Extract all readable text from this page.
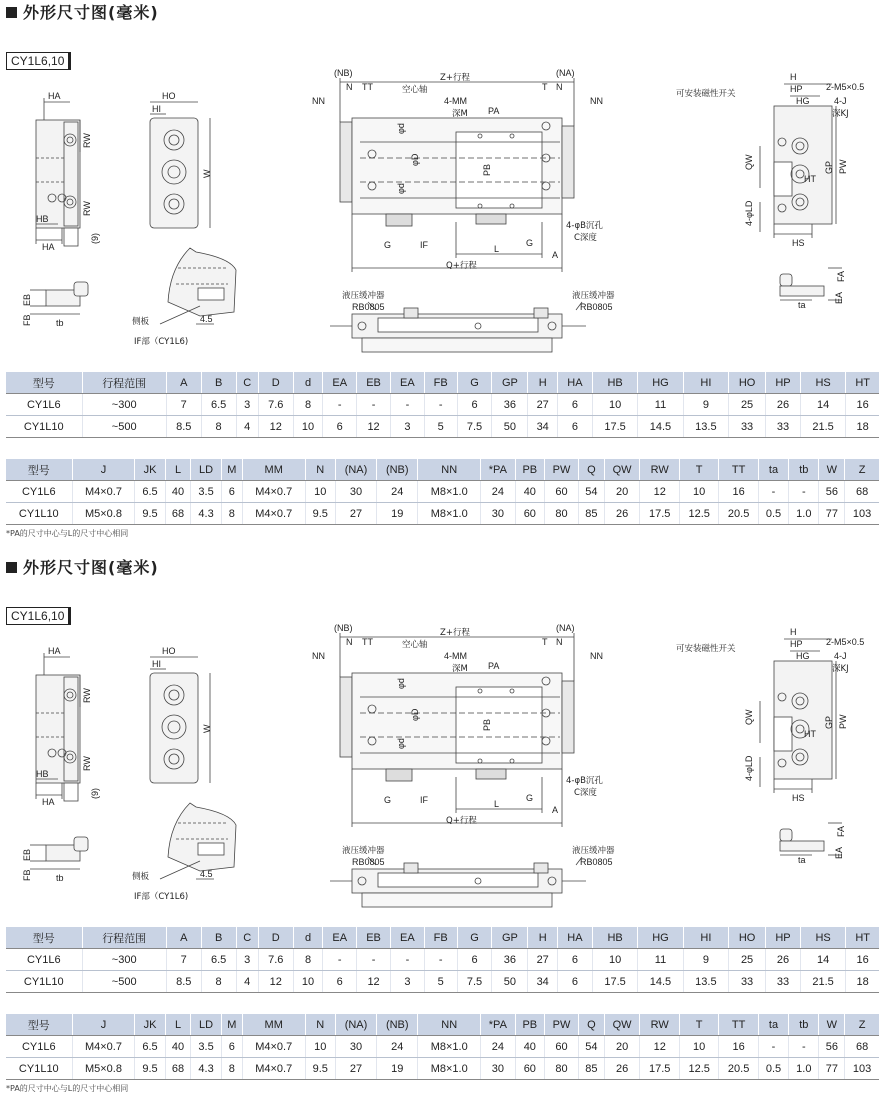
外形尺寸图(毫米)
CY1L6,10
HA
RW
RW
HB
HA
(9)
HO
HI
W
侧板	4.5
IF部（CY1L6)
EB
FB	tb
(NB)
N TT
NN
Z+行程	(NA)
T N
NN
空心轴
4-MM
深M PA
φd
φD
φd
PB
4-φB沉孔
C深度
G	IF	L
G
A
Q+行程
液压缓冲器
RB0805
液压缓冲器
RB0805
可安装磁性开关
H
HP
HG
2-M5×0.5
4-J
深KJ
QW
HT
GP PW
4-φLD
HS
FA
EA
ta
型号	行程范围	A	B	C	D	d	EA	EB	EA	FB	G	GP	H	HA	HB	HG	HI	HO	HP	HS	HT
CY1L6	~300	7	6.5	3	7.6	8	-	-	-	-	6	36	27	6	10	11	9	25	26	14	16
CY1L10	~500	8.5	8	4	12	10	6	12	3	5	7.5	50	34	6	17.5	14.5	13.5	33	33	21.5	18
型号	J	JK	L	LD	M	MM	N	(NA)	(NB)	NN	*PA	PB	PW	Q	QW	RW	T	TT	ta	tb	W	Z
CY1L6	M4×0.7	6.5	40	3.5	6	M4×0.7	10	30	24	M8×1.0	24	40	60	54	20	12	10	16	-	-	56	68
CY1L10	M5×0.8	9.5	68	4.3	8	M4×0.7	9.5	27	19	M8×1.0	30	60	80	85	26	17.5	12.5	20.5	0.5	1.0	77	103
*PA的尺寸中心与L的尺寸中心相同
外形尺寸图(毫米)
CY1L6,10
HA
RW
RW
HB
HA
(9)
HO
HI
W
侧板	4.5
IF部（CY1L6)
EB
FB	tb
(NB)
N TT
NN
Z+行程	(NA)
T N
NN
空心轴
4-MM
深M PA
φd
φD
φd
PB
4-φB沉孔
C深度
G	IF	L
G
A
Q+行程
液压缓冲器
RB0805
液压缓冲器
RB0805
可安装磁性开关
H
HP
HG
2-M5×0.5
4-J
深KJ
QW
HT
GP PW
4-φLD
HS
FA
EA
ta
型号	行程范围	A	B	C	D	d	EA	EB	EA	FB	G	GP	H	HA	HB	HG	HI	HO	HP	HS	HT
CY1L6	~300	7	6.5	3	7.6	8	-	-	-	-	6	36	27	6	10	11	9	25	26	14	16
CY1L10	~500	8.5	8	4	12	10	6	12	3	5	7.5	50	34	6	17.5	14.5	13.5	33	33	21.5	18
型号	J	JK	L	LD	M	MM	N	(NA)	(NB)	NN	*PA	PB	PW	Q	QW	RW	T	TT	ta	tb	W	Z
CY1L6	M4×0.7	6.5	40	3.5	6	M4×0.7	10	30	24	M8×1.0	24	40	60	54	20	12	10	16	-	-	56	68
CY1L10	M5×0.8	9.5	68	4.3	8	M4×0.7	9.5	27	19	M8×1.0	30	60	80	85	26	17.5	12.5	20.5	0.5	1.0	77	103
*PA的尺寸中心与L的尺寸中心相同
